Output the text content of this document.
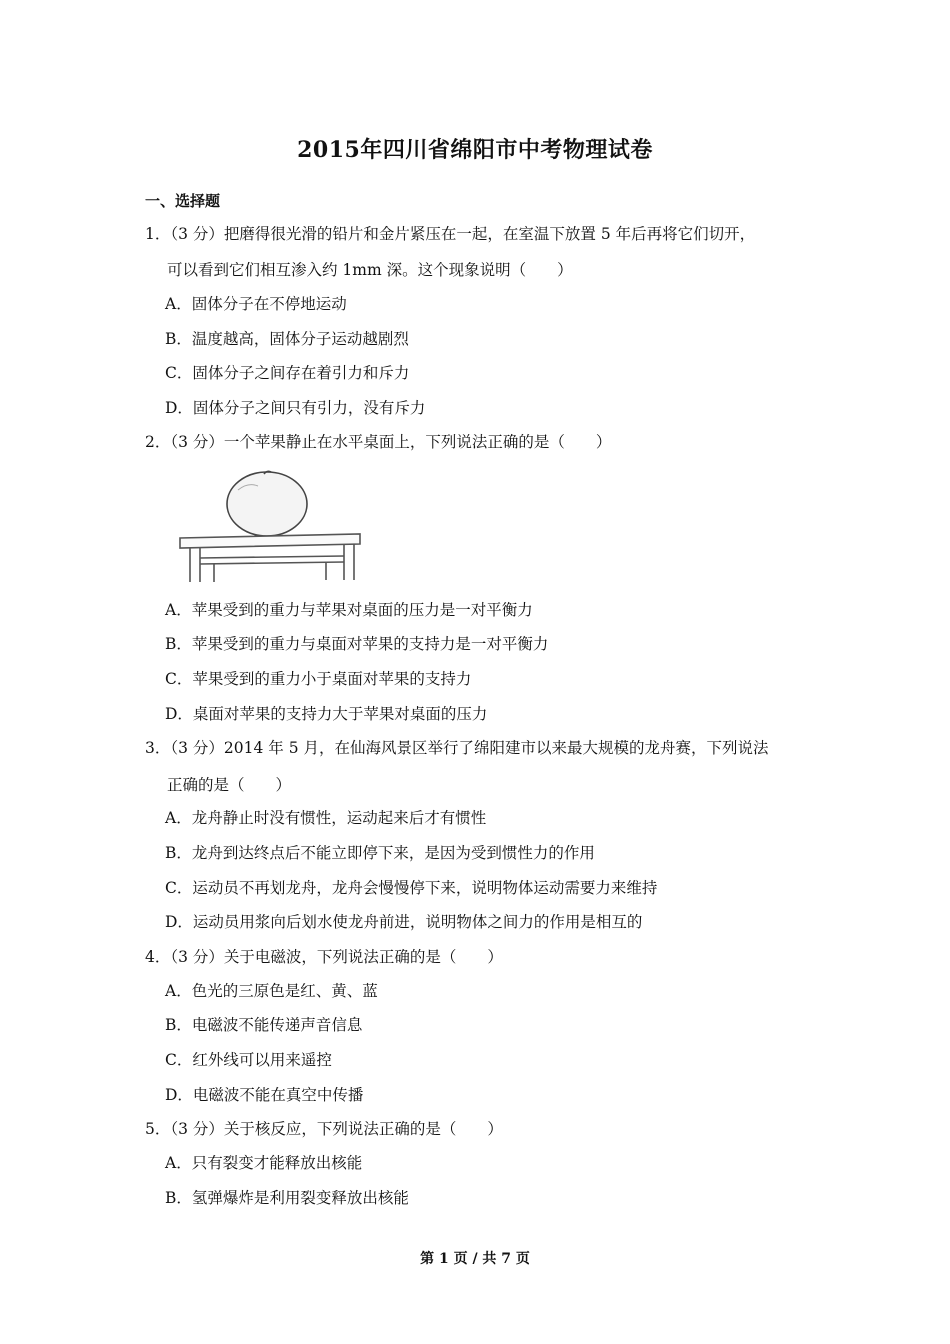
2015年四川省绵阳市中考物理试卷
一、选择题
1．（3 分）把磨得很光滑的铅片和金片紧压在一起，在室温下放置 5 年后再将它们切开，
可以看到它们相互渗入约 1mm 深。这个现象说明（　　）
A．固体分子在不停地运动
B．温度越高，固体分子运动越剧烈
C．固体分子之间存在着引力和斥力
D．固体分子之间只有引力，没有斥力
2．（3 分）一个苹果静止在水平桌面上，下列说法正确的是（　　）
A．苹果受到的重力与苹果对桌面的压力是一对平衡力
B．苹果受到的重力与桌面对苹果的支持力是一对平衡力
C．苹果受到的重力小于桌面对苹果的支持力
D．桌面对苹果的支持力大于苹果对桌面的压力
3．（3 分）2014 年 5 月，在仙海风景区举行了绵阳建市以来最大规模的龙舟赛，下列说法
正确的是（　　）
A．龙舟静止时没有惯性，运动起来后才有惯性
B．龙舟到达终点后不能立即停下来，是因为受到惯性力的作用
C．运动员不再划龙舟，龙舟会慢慢停下来，说明物体运动需要力来维持
D．运动员用浆向后划水使龙舟前进，说明物体之间力的作用是相互的
4．（3 分）关于电磁波，下列说法正确的是（　　）
A．色光的三原色是红、黄、蓝
B．电磁波不能传递声音信息
C．红外线可以用来遥控
D．电磁波不能在真空中传播
5．（3 分）关于核反应，下列说法正确的是（　　）
A．只有裂变才能释放出核能
B．氢弹爆炸是利用裂变释放出核能
第 1 页 / 共 7 页
